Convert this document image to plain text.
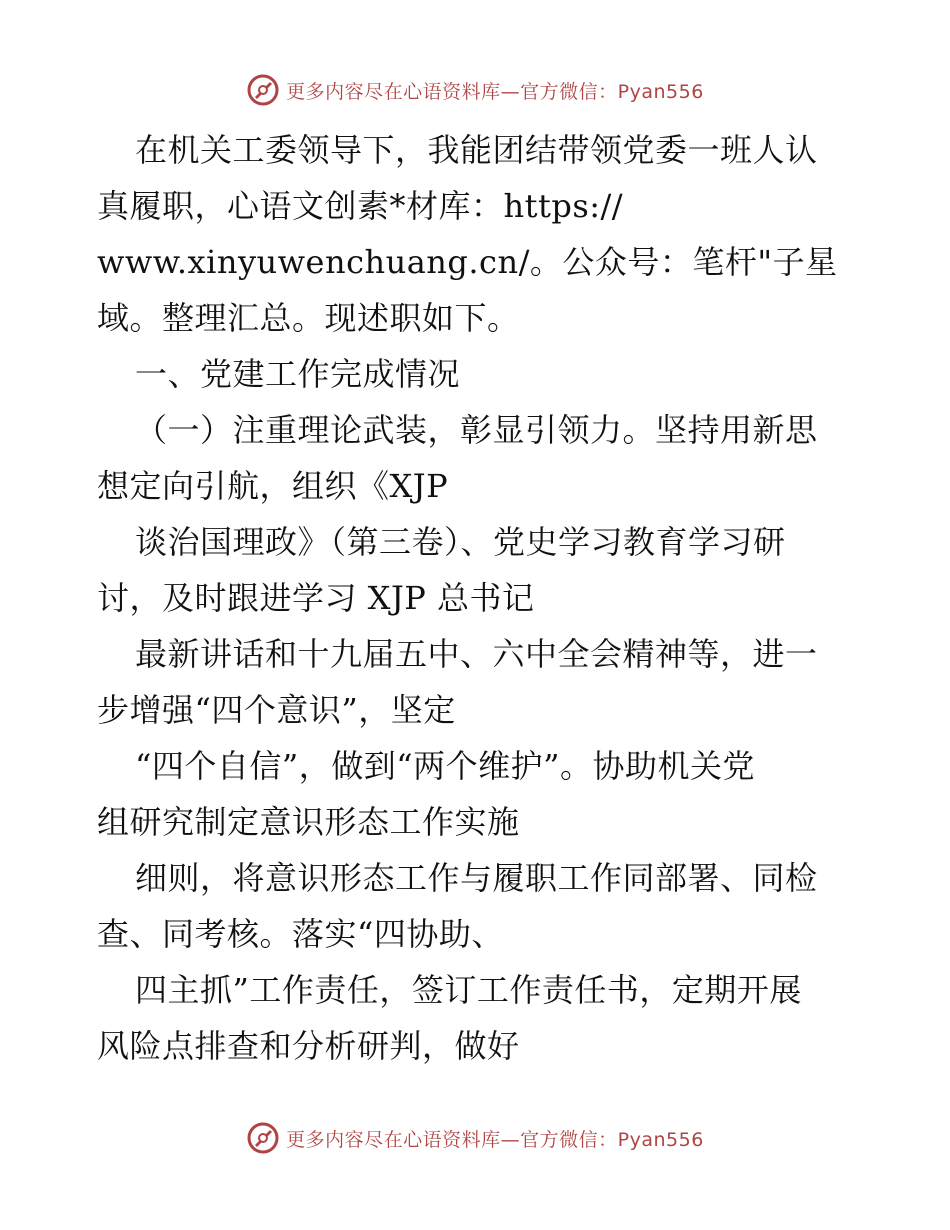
更多内容尽在心语资料库—官方微信：Pyan556

在机关工委领导下，我能团结带领党委一班人认

真履职，心语文创素*材库：https://

www.xinyuwenchuang.cn/。公众号：笔杆"子星

域。整理汇总。现述职如下。

一、党建工作完成情况

（一）注重理论武装，彰显引领力。坚持用新思

想定向引航，组织《XJP

谈治国理政》（第三卷）、党史学习教育学习研

讨，及时跟进学习 XJP 总书记

最新讲话和十九届五中、六中全会精神等，进一

步增强“四个意识”，坚定

“四个自信”，做到“两个维护”。协助机关党

组研究制定意识形态工作实施

细则，将意识形态工作与履职工作同部署、同检

查、同考核。落实“四协助、

四主抓”工作责任，签订工作责任书，定期开展

风险点排查和分析研判，做好

更多内容尽在心语资料库—官方微信：Pyan556
